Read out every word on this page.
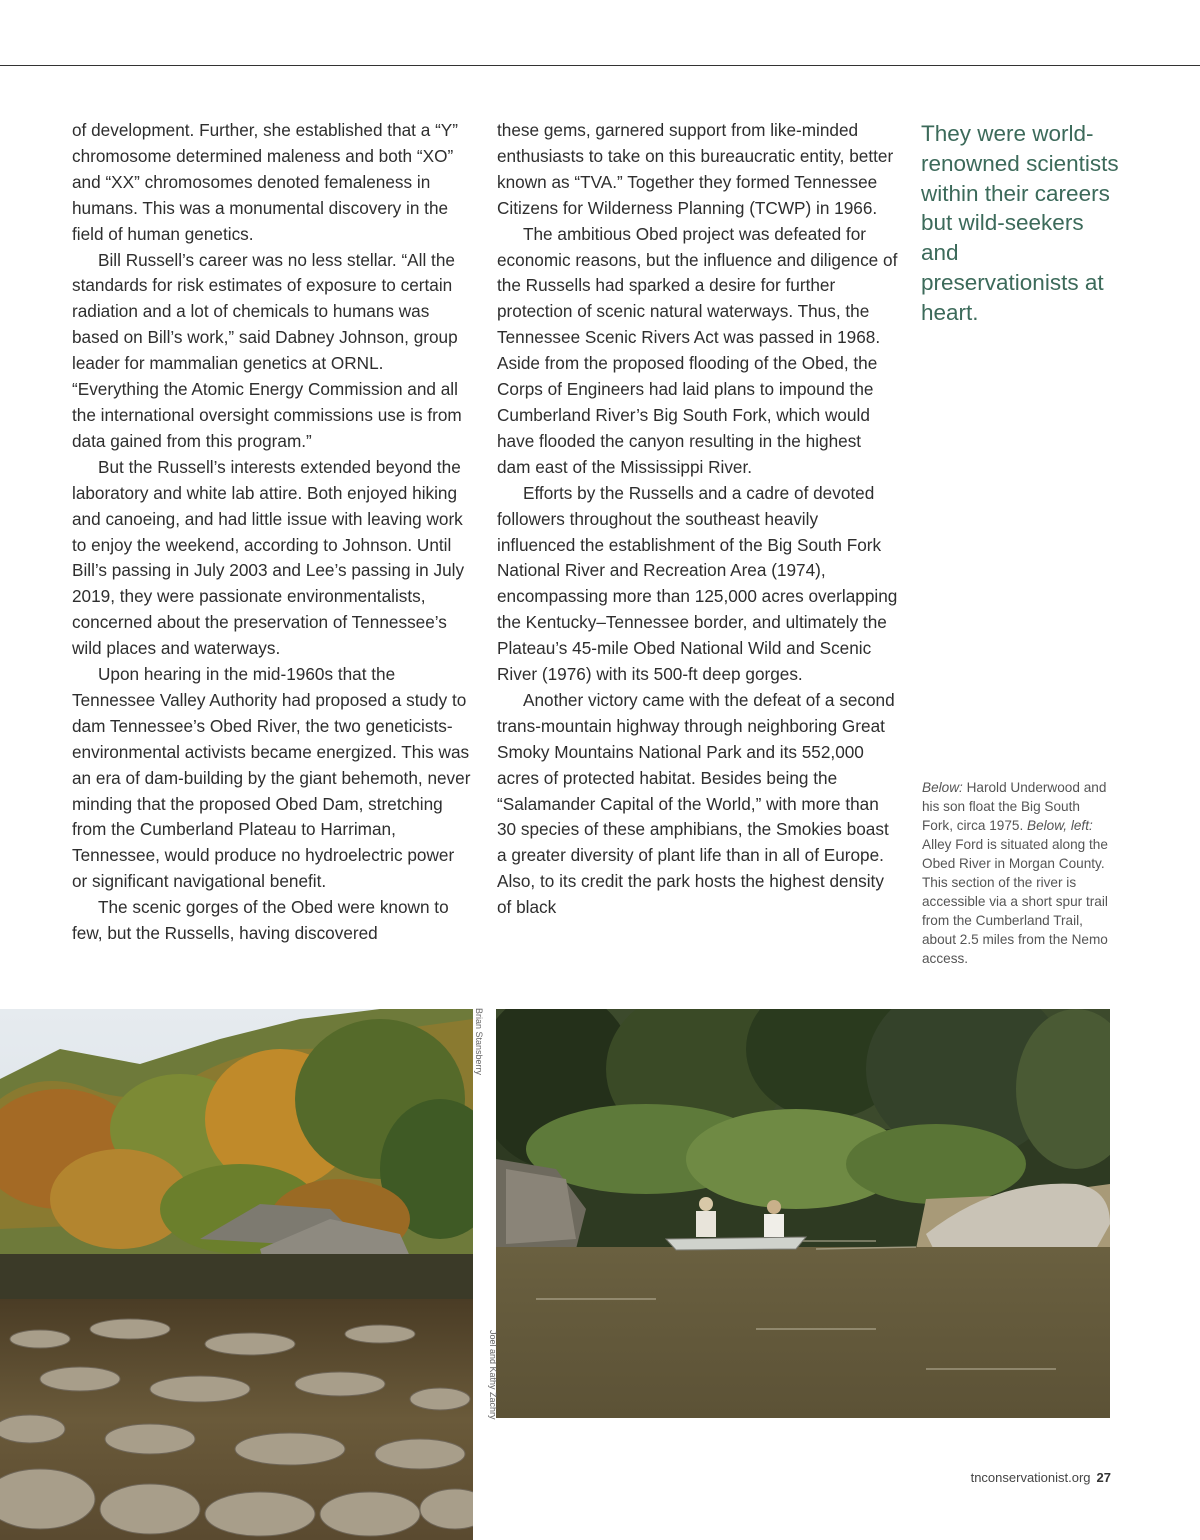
of development. Further, she established that a “Y” chromosome determined maleness and both “XO” and “XX” chromosomes denoted femaleness in humans. This was a monumental discovery in the field of human genetics.

Bill Russell’s career was no less stellar. “All the standards for risk estimates of exposure to certain radiation and a lot of chemicals to humans was based on Bill’s work,” said Dabney Johnson, group leader for mammalian genetics at ORNL. “Everything the Atomic Energy Commission and all the international oversight commissions use is from data gained from this program.”

But the Russell’s interests extended beyond the laboratory and white lab attire. Both enjoyed hiking and canoeing, and had little issue with leaving work to enjoy the weekend, according to Johnson. Until Bill’s passing in July 2003 and Lee’s passing in July 2019, they were passionate environmentalists, concerned about the preservation of Tennessee’s wild places and waterways.

Upon hearing in the mid-1960s that the Tennessee Valley Authority had proposed a study to dam Tennessee’s Obed River, the two geneticists-environmental activists became energized. This was an era of dam-building by the giant behemoth, never minding that the proposed Obed Dam, stretching from the Cumberland Plateau to Harriman, Tennessee, would produce no hydroelectric power or significant navigational benefit.

The scenic gorges of the Obed were known to few, but the Russells, having discovered

these gems, garnered support from like-minded enthusiasts to take on this bureaucratic entity, better known as “TVA.” Together they formed Tennessee Citizens for Wilderness Planning (TCWP) in 1966.

The ambitious Obed project was defeated for economic reasons, but the influence and diligence of the Russells had sparked a desire for further protection of scenic natural waterways. Thus, the Tennessee Scenic Rivers Act was passed in 1968. Aside from the proposed flooding of the Obed, the Corps of Engineers had laid plans to impound the Cumberland River’s Big South Fork, which would have flooded the canyon resulting in the highest dam east of the Mississippi River.

Efforts by the Russells and a cadre of devoted followers throughout the southeast heavily influenced the establishment of the Big South Fork National River and Recreation Area (1974), encompassing more than 125,000 acres overlapping the Kentucky–Tennessee border, and ultimately the Plateau’s 45-mile Obed National Wild and Scenic River (1976) with its 500-ft deep gorges.

Another victory came with the defeat of a second trans-mountain highway through neighboring Great Smoky Mountains National Park and its 552,000 acres of protected habitat. Besides being the “Salamander Capital of the World,” with more than 30 species of these amphibians, the Smokies boast a greater diversity of plant life than in all of Europe. Also, to its credit the park hosts the highest density of black

They were world-renowned scientists within their careers but wild-seekers and preservationists at heart.

Below: Harold Underwood and his son float the Big South Fork, circa 1975. Below, left: Alley Ford is situated along the Obed River in Morgan County. This section of the river is accessible via a short spur trail from the Cumberland Trail, about 2.5 miles from the Nemo access.

Brian Stansberry
Joel and Kathy Zachry
tnconservationist.org 27
